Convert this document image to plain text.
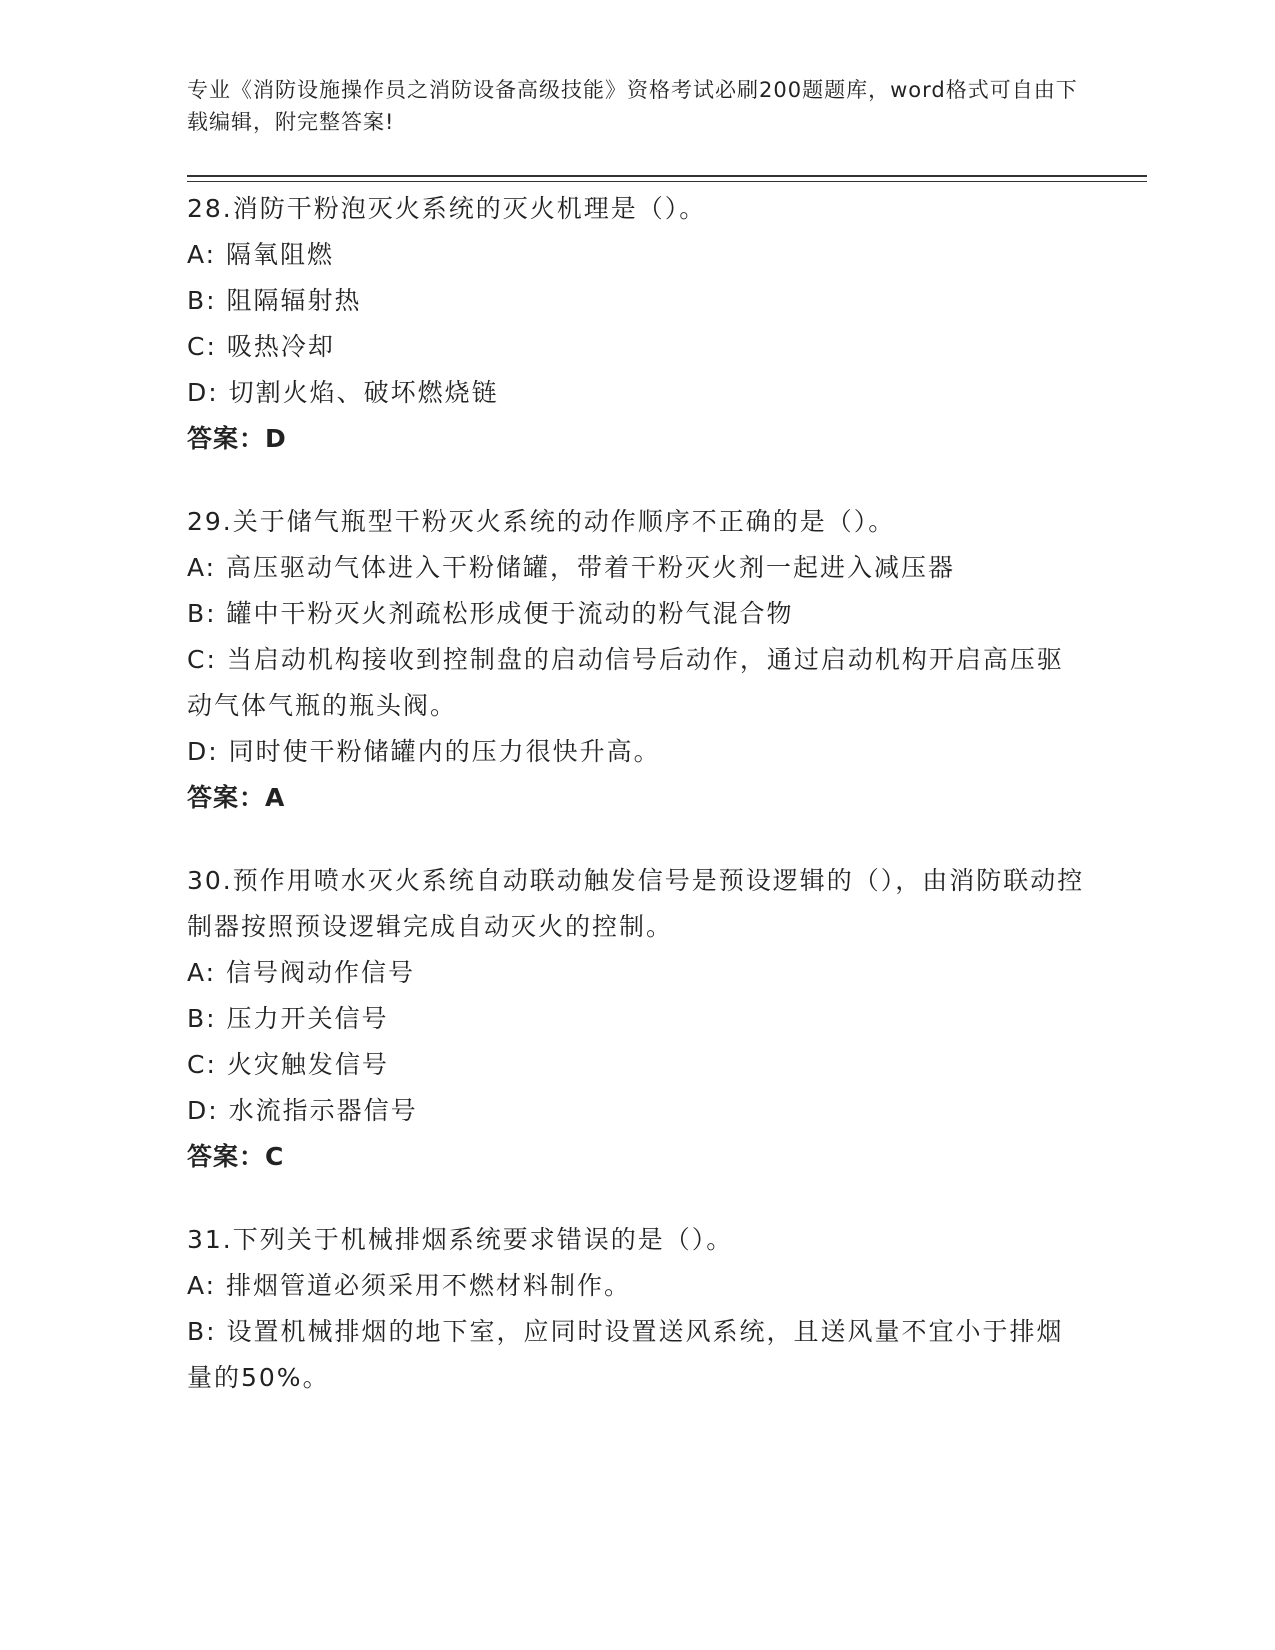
专业《消防设施操作员之消防设备高级技能》资格考试必刷200题题库，word格式可自由下载编辑，附完整答案!

28.消防干粉泡灭火系统的灭火机理是（）。

A: 隔氧阻燃

B: 阻隔辐射热

C: 吸热冷却

D: 切割火焰、破坏燃烧链

答案：D

29.关于储气瓶型干粉灭火系统的动作顺序不正确的是（）。

A: 高压驱动气体进入干粉储罐，带着干粉灭火剂一起进入减压器

B: 罐中干粉灭火剂疏松形成便于流动的粉气混合物

C: 当启动机构接收到控制盘的启动信号后动作，通过启动机构开启高压驱动气体气瓶的瓶头阀。

D: 同时使干粉储罐内的压力很快升高。

答案：A

30.预作用喷水灭火系统自动联动触发信号是预设逻辑的（），由消防联动控制器按照预设逻辑完成自动灭火的控制。

A: 信号阀动作信号

B: 压力开关信号

C: 火灾触发信号

D: 水流指示器信号

答案：C

31.下列关于机械排烟系统要求错误的是（）。

A: 排烟管道必须采用不燃材料制作。

B: 设置机械排烟的地下室，应同时设置送风系统，且送风量不宜小于排烟量的50%。
